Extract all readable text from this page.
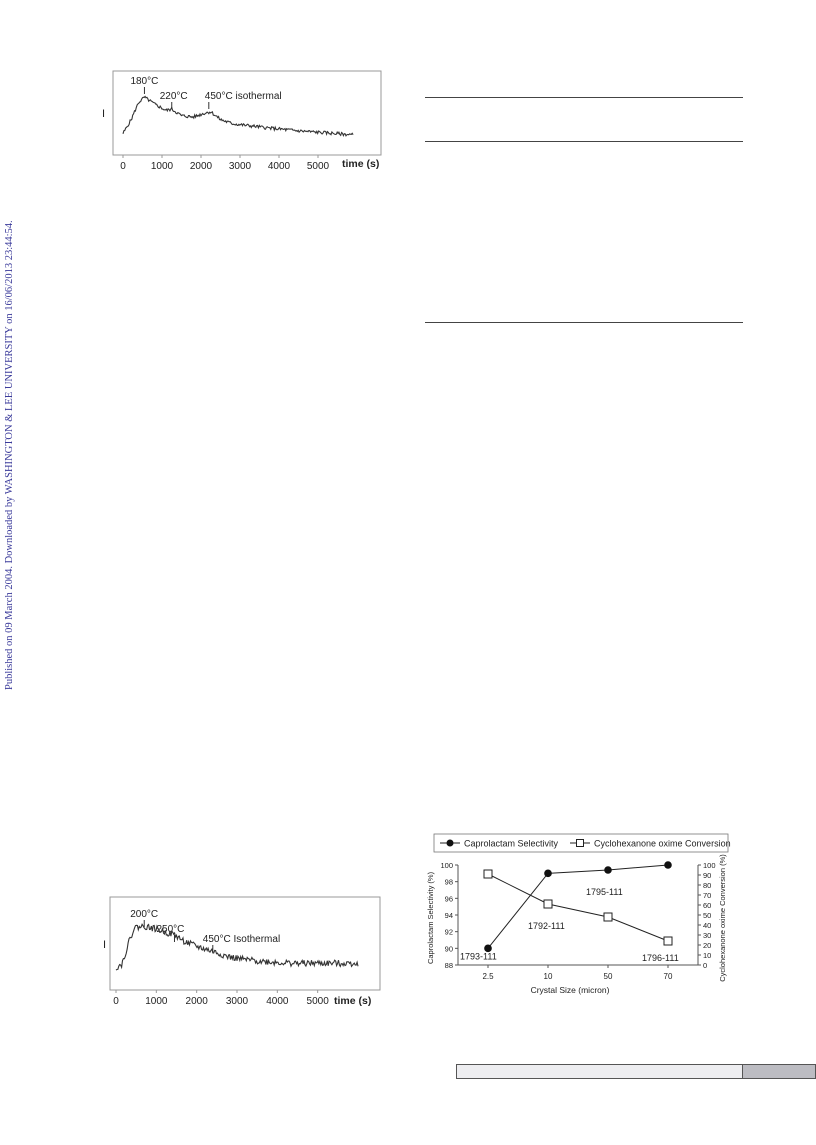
Published on 09 March 2004. Downloaded by WASHINGTON & LEE UNIVERSITY on 16/06/2013 23:44:54.
I
0	1000 2000 3000 4000 5000
180°C
220°C 450°C isothermal
time (s)
I
0	1000 2000 3000 4000 5000
200°C
250°C
450°C Isothermal
time (s)
Caprolactam Selectivity	Cyclohexanone oxime Conversion
88
90
92
94
96
98
100
0
10
20
30
40
50
60
70
80
90
100
2.5	10	50	70
1793-111
1792-111
1795-111
1796-111
Crystal Size (micron)
Caprolactam Selectivity (%)	Cyclohexanone oxime Conversion (%)
